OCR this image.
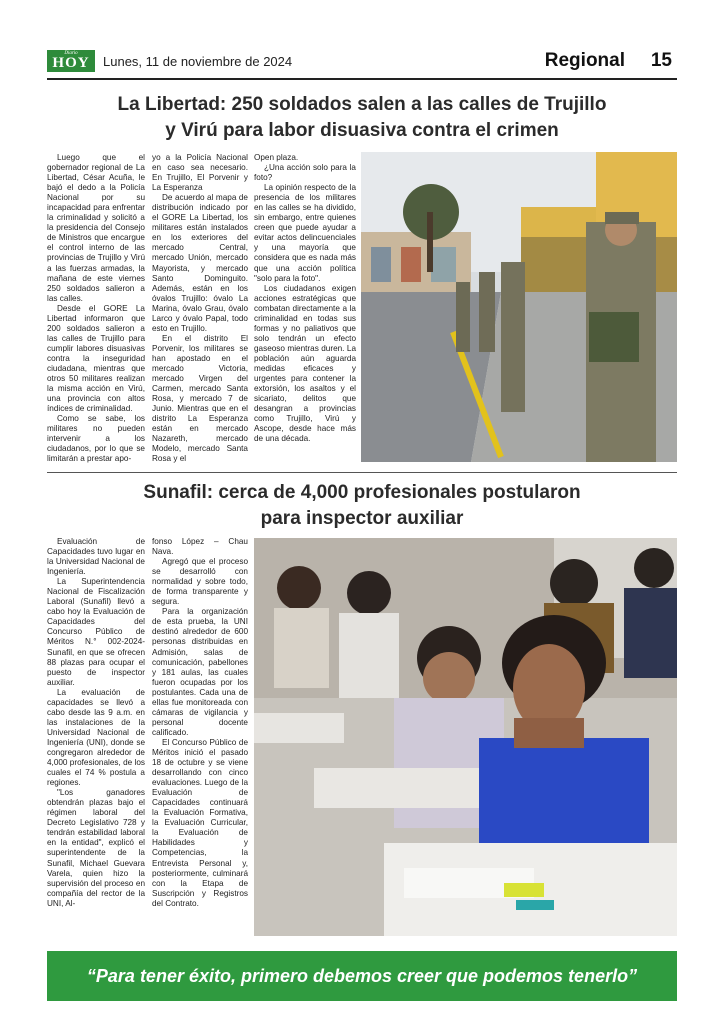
Diario
HOY	Lunes, 11 de noviembre de 2024	Regional 15
La Libertad: 250 soldados salen a las calles de Trujillo
y Virú para labor disuasiva contra el crimen

Luego que el gobernador regional de La Libertad, César Acuña, le bajó el dedo a la Policía Nacional por su incapacidad para enfrentar la criminalidad y solicitó a la presidencia del Consejo de Ministros que encargue el control interno de las provincias de Trujillo y Virú a las fuerzas armadas, la mañana de este viernes 250 soldados salieron a las calles.

Desde el GORE La Libertad informaron que 200 soldados salieron a las calles de Trujillo para cumplir labores disuasivas contra la inseguridad ciudadana, mientras que otros 50 militares realizan la misma acción en Virú, una provincia con altos índices de criminalidad.

Como se sabe, los militares no pueden intervenir a los ciudadanos, por lo que se limitarán a prestar apo-

yo a la Policía Nacional en caso sea necesario. En Trujillo, El Porvenir y La Esperanza

De acuerdo al mapa de distribución indicado por el GORE La Libertad, los militares están instalados en los exteriores del mercado Central, mercado Unión, mercado Mayorista, y mercado Santo Dominguito. Además, están en los óvalos Trujillo: óvalo La Marina, óvalo Grau, óvalo Larco y óvalo Papal, todo esto en Trujillo.

En el distrito El Porvenir, los militares se han apostado en el mercado Victoria, mercado Virgen del Carmen, mercado Santa Rosa, y mercado 7 de Junio. Mientras que en el distrito La Esperanza están en mercado Nazareth, mercado Modelo, mercado Santa Rosa y el

Open plaza.

¿Una acción solo para la foto?

La opinión respecto de la presencia de los militares en las calles se ha dividido, sin embargo, entre quienes creen que puede ayudar a evitar actos delincuenciales y una mayoría que considera que es nada más que una acción política "solo para la foto".

Los ciudadanos exigen acciones estratégicas que combatan directamente a la criminalidad en todas sus formas y no paliativos que solo tendrán un efecto gaseoso mientras duren. La población aún aguarda medidas eficaces y urgentes para contener la extorsión, los asaltos y el sicariato, delitos que desangran a provincias como Trujillo, Virú y Ascope, desde hace más de una década.

Sunafil: cerca de 4,000 profesionales postularon
para inspector auxiliar

Evaluación de Capacidades tuvo lugar en la Universidad Nacional de Ingeniería.

La Superintendencia Nacional de Fiscalización Laboral (Sunafil) llevó a cabo hoy la Evaluación de Capacidades del Concurso Público de Méritos N.° 002-2024-Sunafil, en que se ofrecen 88 plazas para ocupar el puesto de inspector auxiliar.

La evaluación de capacidades se llevó a cabo desde las 9 a.m. en las instalaciones de la Universidad Nacional de Ingeniería (UNI), donde se congregaron alrededor de 4,000 profesionales, de los cuales el 74 % postula a regiones.

"Los ganadores obtendrán plazas bajo el régimen laboral del Decreto Legislativo 728 y tendrán estabilidad laboral en la entidad", explicó el superintendente de la Sunafil, Michael Guevara Varela, quien hizo la supervisión del proceso en compañía del rector de la UNI, Al-

fonso López – Chau Nava.

Agregó que el proceso se desarrolló con normalidad y sobre todo, de forma transparente y segura.

Para la organización de esta prueba, la UNI destinó alrededor de 600 personas distribuidas en Admisión, salas de comunicación, pabellones y 181 aulas, las cuales fueron ocupadas por los postulantes. Cada una de ellas fue monitoreada con cámaras de vigilancia y personal docente calificado.

El Concurso Público de Méritos inició el pasado 18 de octubre y se viene desarrollando con cinco evaluaciones. Luego de la Evaluación de Capacidades continuará la Evaluación Formativa, la Evaluación Curricular, la Evaluación de Habilidades y Competencias, la Entrevista Personal y, posteriormente, culminará con la Etapa de Suscripción y Registros del Contrato.

“Para tener éxito, primero debemos creer que podemos tenerlo”
